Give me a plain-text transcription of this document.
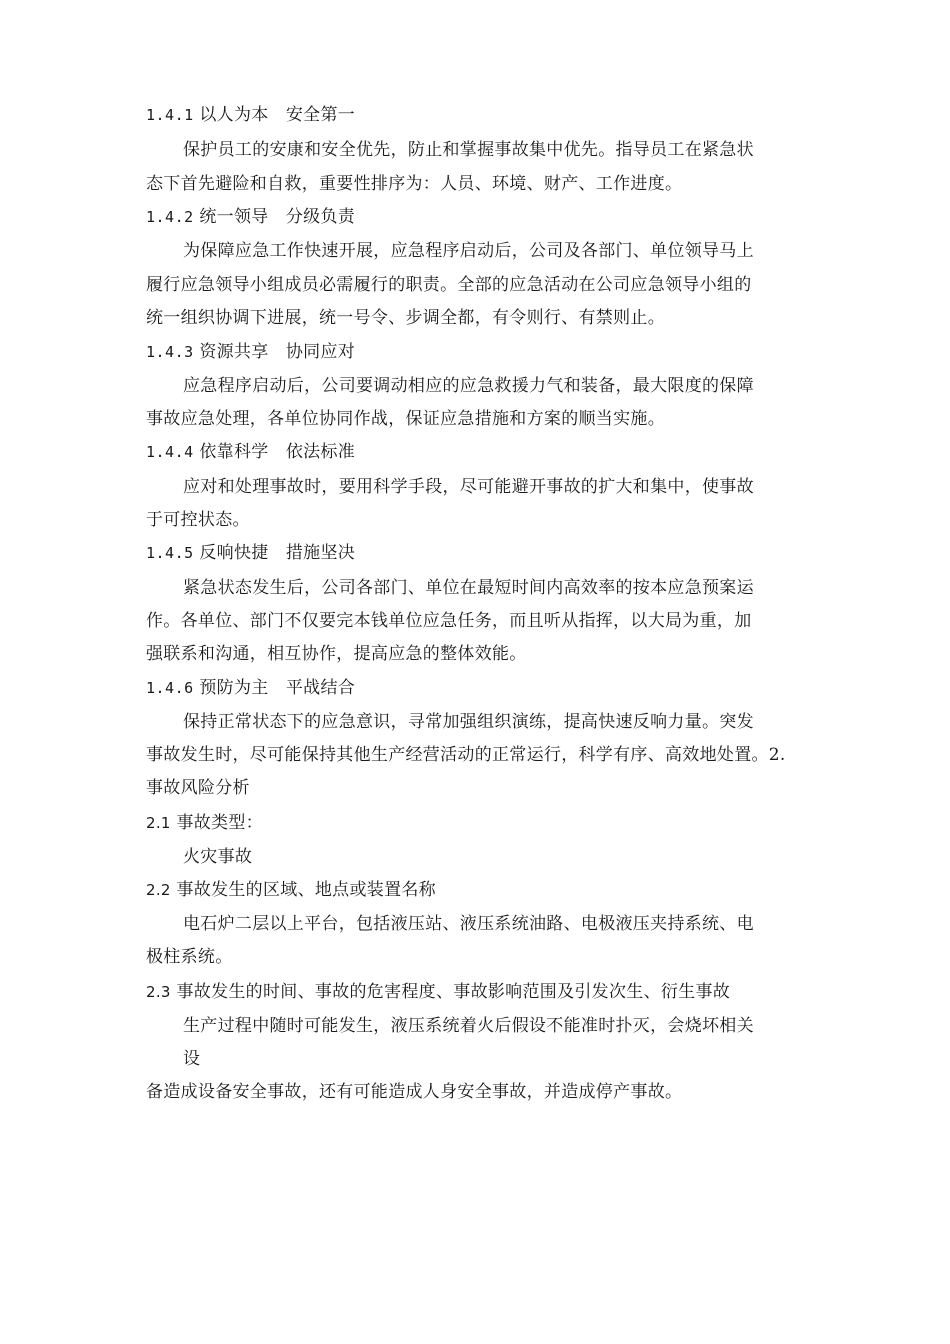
1.4.1 以人为本　安全第一
保护员工的安康和安全优先，防止和掌握事故集中优先。指导员工在紧急状
态下首先避险和自救，重要性排序为：人员、环境、财产、工作进度。
1.4.2 统一领导　分级负责
为保障应急工作快速开展，应急程序启动后，公司及各部门、单位领导马上
履行应急领导小组成员必需履行的职责。全部的应急活动在公司应急领导小组的
统一组织协调下进展，统一号令、步调全都，有令则行、有禁则止。
1.4.3 资源共享　协同应对
应急程序启动后，公司要调动相应的应急救援力气和装备，最大限度的保障
事故应急处理，各单位协同作战，保证应急措施和方案的顺当实施。
1.4.4 依靠科学　依法标准
应对和处理事故时，要用科学手段，尽可能避开事故的扩大和集中，使事故
于可控状态。
1.4.5 反响快捷　措施坚决
紧急状态发生后，公司各部门、单位在最短时间内高效率的按本应急预案运
作。各单位、部门不仅要完本钱单位应急任务，而且听从指挥，以大局为重，加
强联系和沟通，相互协作，提高应急的整体效能。
1.4.6 预防为主　平战结合
保持正常状态下的应急意识，寻常加强组织演练，提高快速反响力量。突发
事故发生时，尽可能保持其他生产经营活动的正常运行，科学有序、高效地处置。2.
事故风险分析
2.1 事故类型：
火灾事故
2.2 事故发生的区域、地点或装置名称
电石炉二层以上平台，包括液压站、液压系统油路、电极液压夹持系统、电
极柱系统。
2.3 事故发生的时间、事故的危害程度、事故影响范围及引发次生、衍生事故
生产过程中随时可能发生，液压系统着火后假设不能准时扑灭，会烧坏相关
设
备造成设备安全事故，还有可能造成人身安全事故，并造成停产事故。
